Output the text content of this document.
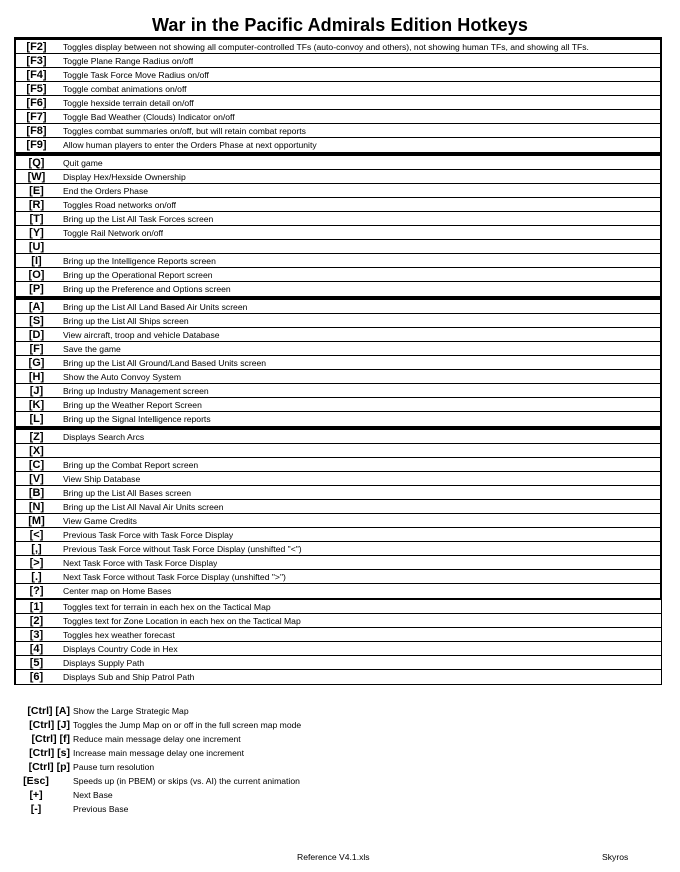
War in the Pacific Admirals Edition Hotkeys
[F2]	Toggles display between not showing all computer-controlled TFs (auto-convoy and others), not showing human TFs, and showing all TFs.
[F3]	Toggle Plane Range Radius on/off
[F4]	Toggle Task Force Move Radius on/off
[F5]	Toggle combat animations on/off
[F6]	Toggle hexside terrain detail on/off
[F7]	Toggle Bad Weather (Clouds) Indicator on/off
[F8]	Toggles combat summaries on/off, but will retain combat reports
[F9]	Allow human players to enter the Orders Phase at next opportunity
[Q]	Quit game
[W]	Display Hex/Hexside Ownership
[E]	End the Orders Phase
[R]	Toggles Road networks on/off
[T]	Bring up the List All Task Forces screen
[Y]	Toggle Rail Network on/off
[U]
[I]	Bring up the Intelligence Reports screen
[O]	Bring up the Operational Report screen
[P]	Bring up the Preference and Options screen
[A]	Bring up the List All Land Based Air Units screen
[S]	Bring up the List All Ships screen
[D]	View aircraft, troop and vehicle Database
[F]	Save the game
[G]	Bring up the List All Ground/Land Based Units screen
[H]	Show the Auto Convoy System
[J]	Bring up Industry Management screen
[K]	Bring up the Weather Report Screen
[L]	Bring up the Signal Intelligence reports
[Z]	Displays Search Arcs
[X]
[C]	Bring up the Combat Report screen
[V]	View Ship Database
[B]	Bring up the List All Bases screen
[N]	Bring up the List All Naval Air Units screen
[M]	View Game Credits
[<]	Previous Task Force with Task Force Display
[,]	Previous Task Force without Task Force Display (unshifted "<")
[>]	Next Task Force with Task Force Display
[.]	Next Task Force without Task Force Display (unshifted ">")
[?]	Center map on Home Bases
[1]	Toggles text for terrain in each hex on the Tactical Map
[2]	Toggles text for Zone Location in each hex on the Tactical Map
[3]	Toggles hex weather forecast
[4]	Displays Country Code in Hex
[5]	Displays Supply Path
[6]	Displays Sub and Ship Patrol Path
[Ctrl] [A] Show the Large Strategic Map
[Ctrl] [J] Toggles the Jump Map on or off in the full screen map mode
[Ctrl] [f] Reduce main message delay one increment
[Ctrl] [s] Increase main message delay one increment
[Ctrl] [p] Pause turn resolution
[Esc]	Speeds up (in PBEM) or skips (vs. AI) the current animation
[+]	Next Base
[-]	Previous Base
Reference V4.1.xls	Skyros
